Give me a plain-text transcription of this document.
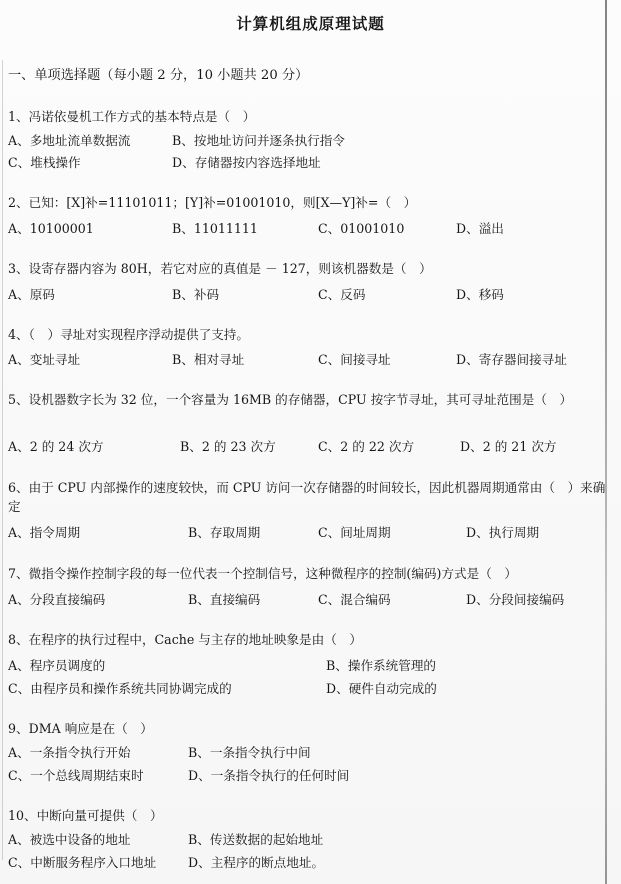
计算机组成原理试题
一、单项选择题（每小题 2 分，10 小题共 20 分）
1、冯诺依曼机工作方式的基本特点是（　）
A、多地址流单数据流	B、按地址访问并逐条执行指令
C、堆栈操作	D、存储器按内容选择地址
2、已知：[X]补=11101011；[Y]补=01001010，则[X—Y]补=（　）
A、10100001	B、11011111	C、01001010	D、溢出
3、设寄存器内容为 80H，若它对应的真值是 － 127，则该机器数是（　）
A、原码	B、补码	C、反码	D、移码
4、（　）寻址对实现程序浮动提供了支持。
A、变址寻址	B、相对寻址	C、间接寻址	D、寄存器间接寻址
5、设机器数字长为 32 位，一个容量为 16MB 的存储器，CPU 按字节寻址，其可寻址范围是（　）
A、2 的 24 次方	B、2 的 23 次方	C、2 的 22 次方	D、2 的 21 次方
6、由于 CPU 内部操作的速度较快，而 CPU 访问一次存储器的时间较长，因此机器周期通常由（　）来确定
A、指令周期	B、存取周期	C、间址周期	D、执行周期
7、微指令操作控制字段的每一位代表一个控制信号，这种微程序的控制(编码)方式是（　）
A、分段直接编码	B、直接编码	C、混合编码	D、分段间接编码
8、在程序的执行过程中，Cache 与主存的地址映象是由（　）
A、程序员调度的	B、操作系统管理的
C、由程序员和操作系统共同协调完成的	D、硬件自动完成的
9、DMA 响应是在（　）
A、一条指令执行开始	B、一条指令执行中间
C、一个总线周期结束时	D、一条指令执行的任何时间
10、中断向量可提供（　）
A、被选中设备的地址	B、传送数据的起始地址
C、中断服务程序入口地址	D、主程序的断点地址。
